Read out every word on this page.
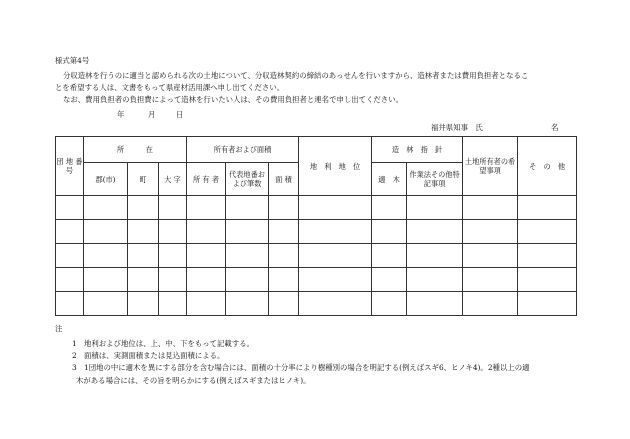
様式第4号
分収造林を行うのに適当と認められる次の土地について、分収造林契約の締結のあっせんを行いますから、造林者または費用負担者となるこ
とを希望する人は、文書をもって県産材活用課へ申し出てください。
なお、費用負担者の負担費によって造林を行いたい人は、その費用負担者と連名で申し出てください。
年	月	日
福井県知事　氏	名
団 地 番 号	所　　　在			所有者および面積			地　利　地　位	造　林　指　針		土地所有者の希望事項	そ　の　他
	郡(市)	町	大 字	所 有 者	代表地番および筆数	面 積		適　木	作業法その他特記事項		

注
1 地利および地位は、上、中、下をもって記載する。
2 面積は、実測面積または見込面積による。
3 1団地の中に適木を異にする部分を含む場合には、面積の十分率により樹種別の場合を明記する(例えばスギ6、ヒノキ4)。2種以上の適
木がある場合には、その旨を明らかにする(例えばスギまたはヒノキ)。
